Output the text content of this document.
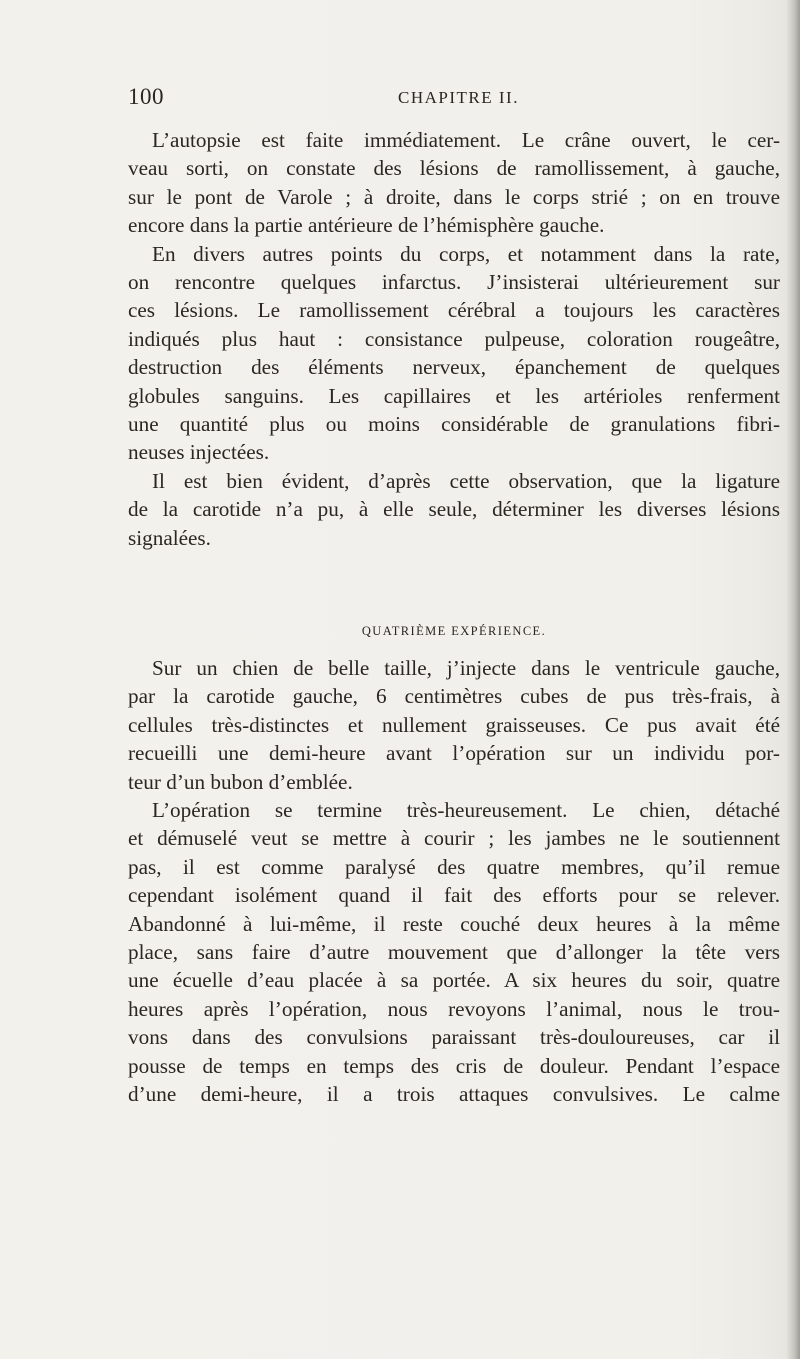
100	CHAPITRE II.

L’autopsie est faite immédiatement. Le crâne ouvert, le cer-
veau sorti, on constate des lésions de ramollissement, à gauche,
sur le pont de Varole ; à droite, dans le corps strié ; on en trouve
encore dans la partie antérieure de l’hémisphère gauche.

En divers autres points du corps, et notamment dans la rate,
on rencontre quelques infarctus. J’insisterai ultérieurement sur
ces lésions. Le ramollissement cérébral a toujours les caractères
indiqués plus haut : consistance pulpeuse, coloration rougeâtre,
destruction des éléments nerveux, épanchement de quelques
globules sanguins. Les capillaires et les artérioles renferment
une quantité plus ou moins considérable de granulations fibri-
neuses injectées.

Il est bien évident, d’après cette observation, que la ligature
de la carotide n’a pu, à elle seule, déterminer les diverses lésions
signalées.

QUATRIÈME EXPÉRIENCE.

Sur un chien de belle taille, j’injecte dans le ventricule gauche,
par la carotide gauche, 6 centimètres cubes de pus très-frais, à
cellules très-distinctes et nullement graisseuses. Ce pus avait été
recueilli une demi-heure avant l’opération sur un individu por-
teur d’un bubon d’emblée.

L’opération se termine très-heureusement. Le chien, détaché
et démuselé veut se mettre à courir ; les jambes ne le soutiennent
pas, il est comme paralysé des quatre membres, qu’il remue
cependant isolément quand il fait des efforts pour se relever.
Abandonné à lui-même, il reste couché deux heures à la même
place, sans faire d’autre mouvement que d’allonger la tête vers
une écuelle d’eau placée à sa portée. A six heures du soir, quatre
heures après l’opération, nous revoyons l’animal, nous le trou-
vons dans des convulsions paraissant très-douloureuses, car il
pousse de temps en temps des cris de douleur. Pendant l’espace
d’une demi-heure, il a trois attaques convulsives. Le calme
